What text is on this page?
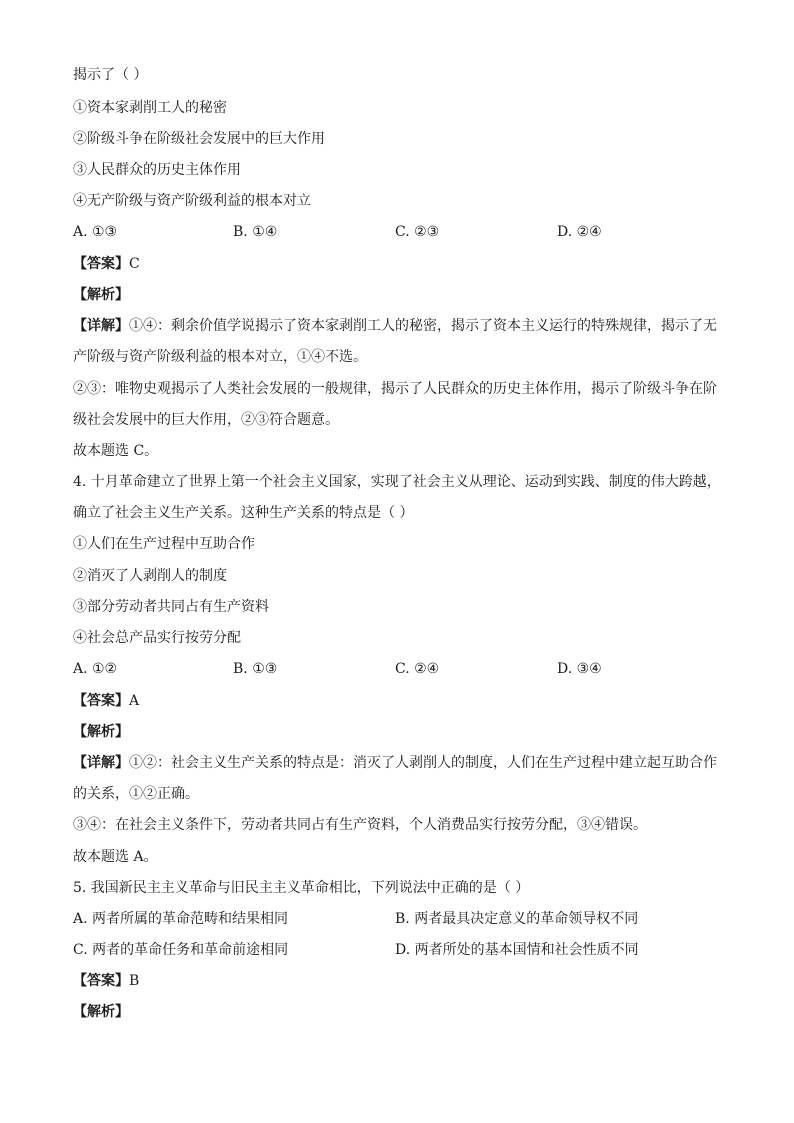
揭示了（ ）
①资本家剥削工人的秘密
②阶级斗争在阶级社会发展中的巨大作用
③人民群众的历史主体作用
④无产阶级与资产阶级利益的根本对立
A. ①③	B. ①④	C. ②③	D. ②④
【答案】C
【解析】
【详解】①④：剩余价值学说揭示了资本家剥削工人的秘密，揭示了资本主义运行的特殊规律，揭示了无
产阶级与资产阶级利益的根本对立，①④不选。
②③：唯物史观揭示了人类社会发展的一般规律，揭示了人民群众的历史主体作用，揭示了阶级斗争在阶
级社会发展中的巨大作用，②③符合题意。
故本题选 C。
4. 十月革命建立了世界上第一个社会主义国家，实现了社会主义从理论、运动到实践、制度的伟大跨越，
确立了社会主义生产关系。这种生产关系的特点是（ ）
①人们在生产过程中互助合作
②消灭了人剥削人的制度
③部分劳动者共同占有生产资料
④社会总产品实行按劳分配
A. ①②	B. ①③	C. ②④	D. ③④
【答案】A
【解析】
【详解】①②：社会主义生产关系的特点是：消灭了人剥削人的制度，人们在生产过程中建立起互助合作
的关系，①②正确。
③④：在社会主义条件下，劳动者共同占有生产资料，个人消费品实行按劳分配，③④错误。
故本题选 A。
5. 我国新民主主义革命与旧民主主义革命相比，下列说法中正确的是（ ）
A. 两者所属的革命范畴和结果相同	B. 两者最具决定意义的革命领导权不同
C. 两者的革命任务和革命前途相同	D. 两者所处的基本国情和社会性质不同
【答案】B
【解析】
